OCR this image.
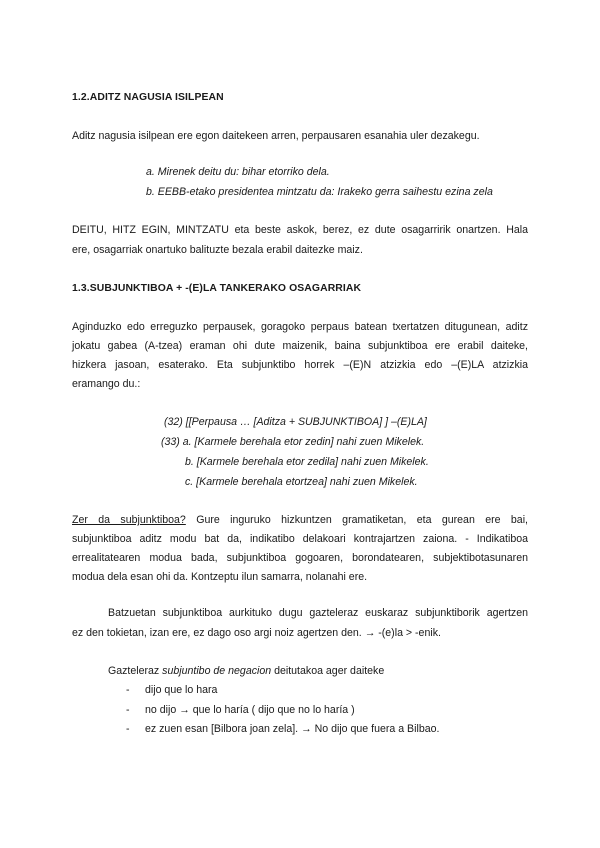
1.2.ADITZ NAGUSIA ISILPEAN
Aditz nagusia isilpean ere egon daitekeen arren, perpausaren esanahia uler dezakegu.
a. Mirenek deitu du: bihar etorriko dela.
b. EEBB-etako presidentea mintzatu da: Irakeko gerra saihestu ezina zela
DEITU, HITZ EGIN, MINTZATU eta beste askok, berez, ez dute osagarririk onartzen. Hala
ere, osagarriak onartuko balituzte bezala erabil daitezke maiz.
1.3.SUBJUNKTIBOA + -(E)LA TANKERAKO OSAGARRIAK
Aginduzko edo erreguzko perpausek, goragoko perpaus batean txertatzen ditugunean, aditz
jokatu gabea (A-tzea) eraman ohi dute maizenik, baina subjunktiboa ere erabil daiteke,
hizkera jasoan, esaterako. Eta subjunktibo horrek –(E)N atzizkia edo –(E)LA atzizkia
eramango du.:
(32) [[Perpausa … [Aditza + SUBJUNKTIBOA] ] –(E)LA]
(33) a. [Karmele berehala etor zedin] nahi zuen Mikelek.
b. [Karmele berehala etor zedila] nahi zuen Mikelek.
c. [Karmele berehala etortzea] nahi zuen Mikelek.
Zer da subjunktiboa? Gure inguruko hizkuntzen gramatiketan, eta gurean ere bai,
subjunktiboa aditz modu bat da, indikatibo delakoari kontrajartzen zaiona. - Indikatiboa
errealitatearen modua bada, subjunktiboa gogoaren, borondatearen, subjektibotasunaren
modua dela esan ohi da. Kontzeptu ilun samarra, nolanahi ere.
Batzuetan subjunktiboa aurkituko dugu gazteleraz euskaraz subjunktiborik agertzen
ez den tokietan, izan ere, ez dago oso argi noiz agertzen den. → -(e)la > -enik.
Gazteleraz subjuntibo de negacion deitutakoa ager daiteke
- dijo que lo hara
- no dijo → que lo haría ( dijo que no lo haría )
- ez zuen esan [Bilbora joan zela]. → No dijo que fuera a Bilbao.
